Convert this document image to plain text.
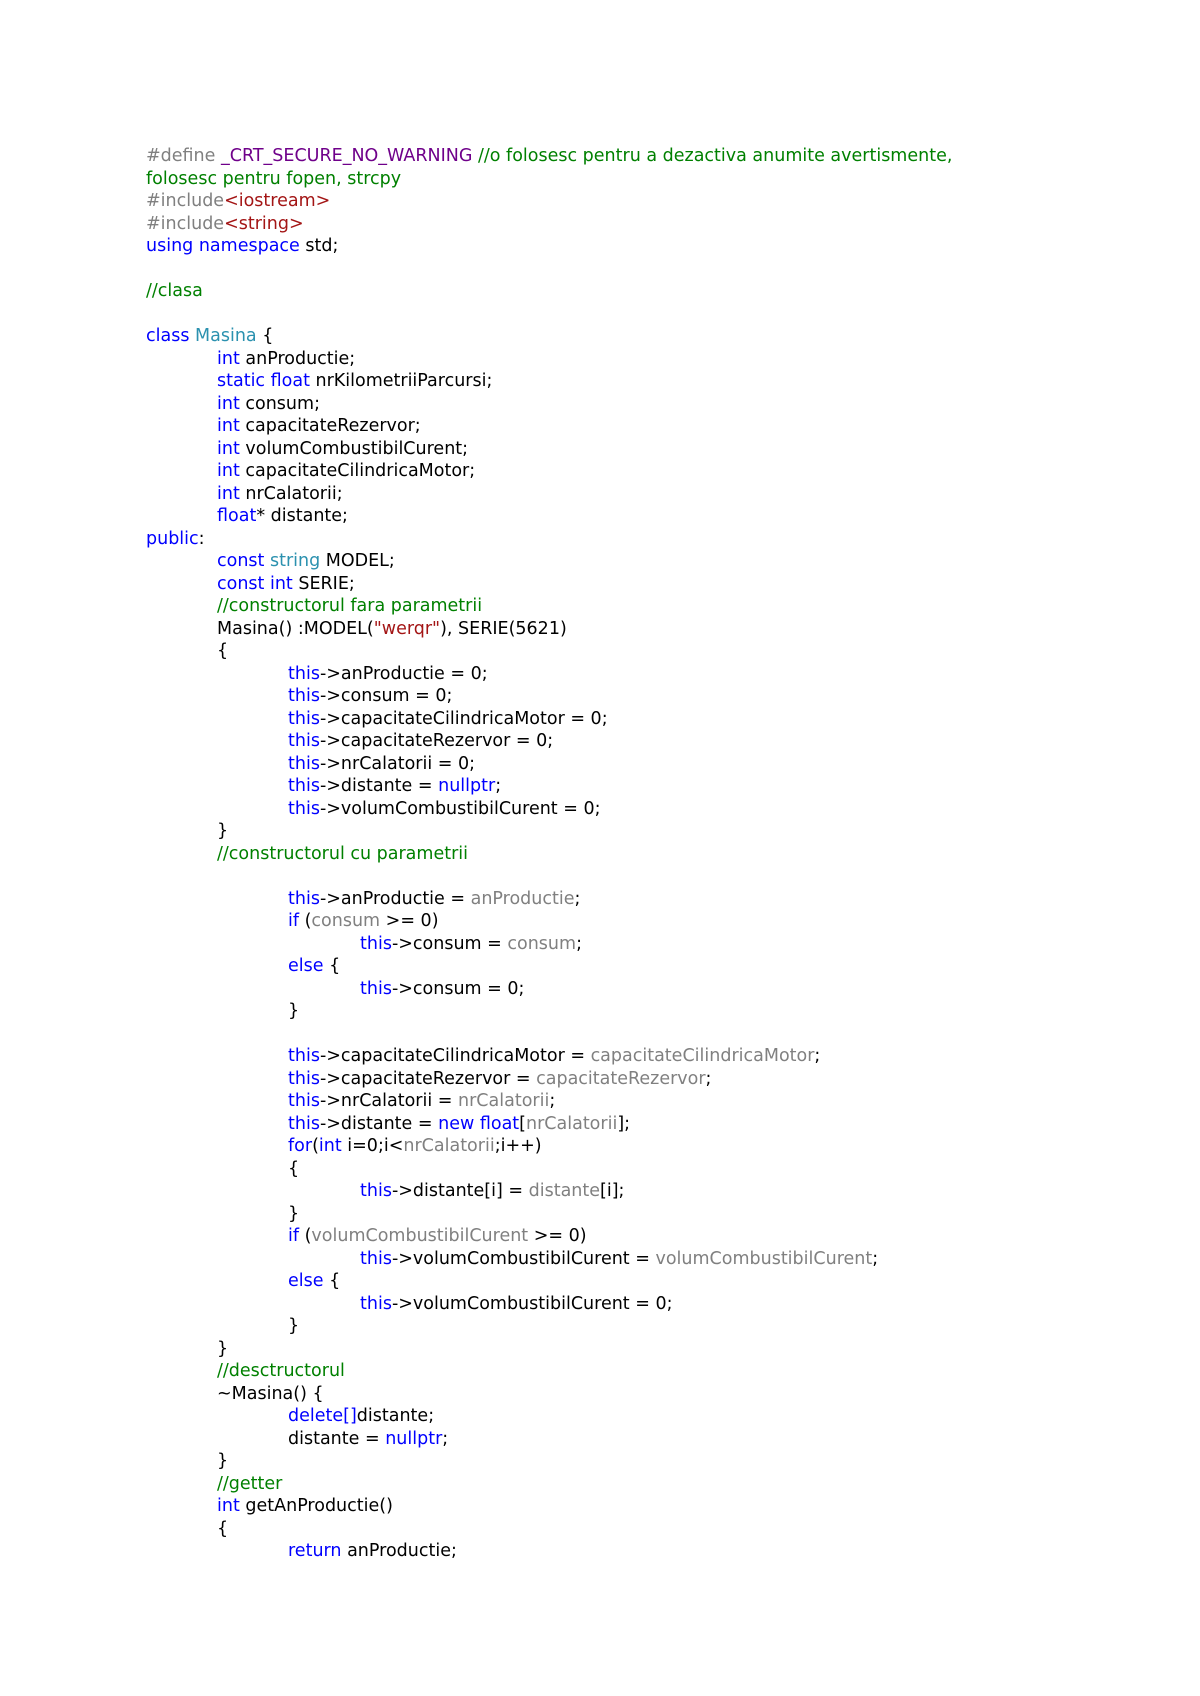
#define _CRT_SECURE_NO_WARNING //o folosesc pentru a dezactiva anumite avertismente,
folosesc pentru fopen, strcpy
#include<iostream>
#include<string>
using namespace std;
//clasa
class Masina {
int anProductie;
static float nrKilometriiParcursi;
int consum;
int capacitateRezervor;
int volumCombustibilCurent;
int capacitateCilindricaMotor;
int nrCalatorii;
float* distante;
public:
const string MODEL;
const int SERIE;
//constructorul fara parametrii
Masina() :MODEL("werqr"), SERIE(5621)
{
this->anProductie = 0;
this->consum = 0;
this->capacitateCilindricaMotor = 0;
this->capacitateRezervor = 0;
this->nrCalatorii = 0;
this->distante = nullptr;
this->volumCombustibilCurent = 0;
}
//constructorul cu parametrii
this->anProductie = anProductie;
if (consum >= 0)
this->consum = consum;
else {
this->consum = 0;
}
this->capacitateCilindricaMotor = capacitateCilindricaMotor;
this->capacitateRezervor = capacitateRezervor;
this->nrCalatorii = nrCalatorii;
this->distante = new float[nrCalatorii];
for(int i=0;i<nrCalatorii;i++)
{
this->distante[i] = distante[i];
}
if (volumCombustibilCurent >= 0)
this->volumCombustibilCurent = volumCombustibilCurent;
else {
this->volumCombustibilCurent = 0;
}
}
//desctructorul
~Masina() {
delete[]distante;
distante = nullptr;
}
//getter
int getAnProductie()
{
return anProductie;
